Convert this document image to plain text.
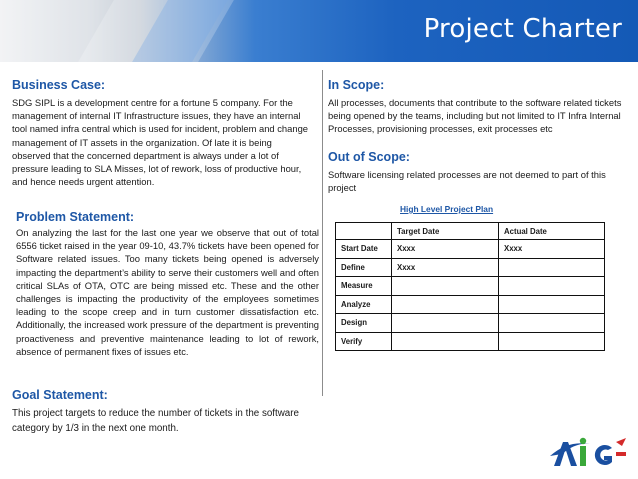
Project Charter
Business Case:

SDG SIPL is a development centre for a fortune 5 company. For the management of internal IT Infrastructure issues, they have an internal tool named infra central which is used for incident, problem and change management of IT assets in the organization. Of late it is being observed that the concerned department is always under a lot of pressure leading to SLA Misses, lot of rework, loss of productive hour, and hence needs urgent attention.

Problem Statement:

On analyzing the last for the last one year we observe that out of total 6556 ticket raised in the year 09-10, 43.7% tickets have been opened for Software related issues. Too many tickets being opened is adversely impacting the department’s ability to serve their customers well and often critical SLAs of OTA, OTC are being missed etc. These and the other challenges is impacting the productivity of the employees sometimes leading to the scope creep and in turn customer dissatisfaction etc. Additionally, the increased work pressure of the department is preventing proactiveness and preventive maintenance leading to lot of rework, absence of permanent fixes of issues etc.

Goal Statement:

This project targets to reduce the number of tickets in the software category by 1/3 in the next one month.

In Scope:

All processes, documents that contribute to the software related tickets being opened by the teams, including but not limited to IT Infra Internal Processes, provisioning processes, exit processes etc

Out of Scope:

Software licensing related processes are not deemed to part of this project

High Level Project Plan
	Target Date	Actual Date
Start Date	Xxxx	Xxxx
Define	Xxxx	
Measure		
Analyze		
Design		
Verify		
